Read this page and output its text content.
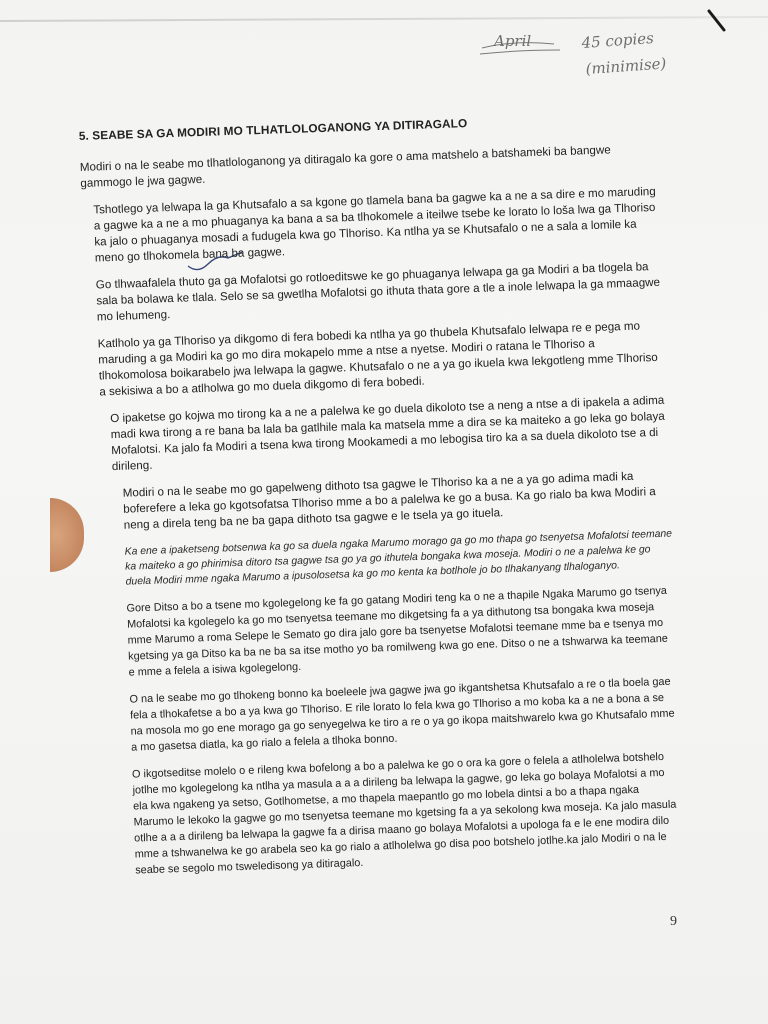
April	45 copies
(minimise)
5. SEABE SA GA MODIRI MO TLHATLOLOGANONG YA DITIRAGALO

Modiri o na le seabe mo tlhatlologanong ya ditiragalo ka gore o ama matshelo a batshameki ba bangwe gammogo le jwa gagwe.

Tshotlego ya lelwapa la ga Khutsafalo a sa kgone go tlamela bana ba gagwe ka a ne a sa dire e mo maruding a gagwe ka a ne a mo phuaganya ka bana a sa ba tlhokomele a iteilwe tsebe ke lorato lo loša lwa ga Tlhoriso ka jalo o phuaganya mosadi a fudugela kwa go Tlhoriso. Ka ntlha ya se Khutsafalo o ne a sala a lomile ka meno go tlhokomela bana ba gagwe.

Go tlhwaafalela thuto ga ga Mofalotsi go rotloeditswe ke go phuaganya lelwapa ga ga Modiri a ba tlogela ba sala ba bolawa ke tlala. Selo se sa gwetlha Mofalotsi go ithuta thata gore a tle a inole lelwapa la ga mmaagwe mo lehumeng.

Katlholo ya ga Tlhoriso ya dikgomo di fera bobedi ka ntlha ya go thubela Khutsafalo lelwapa re e pega mo maruding a ga Modiri ka go mo dira mokapelo mme a ntse a nyetse. Modiri o ratana le Tlhoriso a tlhokomolosa boikarabelo jwa lelwapa la gagwe. Khutsafalo o ne a ya go ikuela kwa lekgotleng mme Tlhoriso a sekisiwa a bo a atlholwa go mo duela dikgomo di fera bobedi.

O ipaketse go kojwa mo tirong ka a ne a palelwa ke go duela dikoloto tse a neng a ntse a di ipakela a adima madi kwa tirong a re bana ba lala ba gatlhile mala ka matsela mme a dira se ka maiteko a go leka go bolaya Mofalotsi. Ka jalo fa Modiri a tsena kwa tirong Mookamedi a mo lebogisa tiro ka a sa duela dikoloto tse a di dirileng.

Modiri o na le seabe mo go gapelweng dithoto tsa gagwe le Tlhoriso ka a ne a ya go adima madi ka boferefere a leka go kgotsofatsa Tlhoriso mme a bo a palelwa ke go a busa. Ka go rialo ba kwa Modiri a neng a direla teng ba ne ba gapa dithoto tsa gagwe e le tsela ya go ituela.

Ka ene a ipaketseng botsenwa ka go sa duela ngaka Marumo morago ga go mo thapa go tsenyetsa Mofalotsi teemane ka maiteko a go phirimisa ditoro tsa gagwe tsa go ya go ithutela bongaka kwa moseja. Modiri o ne a palelwa ke go duela Modiri mme ngaka Marumo a ipusolosetsa ka go mo kenta ka botlhole jo bo tlhakanyang tlhaloganyo.

Gore Ditso a bo a tsene mo kgolegelong ke fa go gatang Modiri teng ka o ne a thapile Ngaka Marumo go tsenya Mofalotsi ka kgolegelo ka go mo tsenyetsa teemane mo dikgetsing fa a ya dithutong tsa bongaka kwa moseja mme Marumo a roma Selepe le Semato go dira jalo gore ba tsenyetse Mofalotsi teemane mme ba e tsenya mo kgetsing ya ga Ditso ka ba ne ba sa itse motho yo ba romilweng kwa go ene. Ditso o ne a tshwarwa ka teemane e mme a felela a isiwa kgolegelong.

O na le seabe mo go tlhokeng bonno ka boeleele jwa gagwe jwa go ikgantshetsa Khutsafalo a re o tla boela gae fela a tlhokafetse a bo a ya kwa go Tlhoriso. E rile lorato lo fela kwa go Tlhoriso a mo koba ka a ne a bona a se na mosola mo go ene morago ga go senyegelwa ke tiro a re o ya go ikopa maitshwarelo kwa go Khutsafalo mme a mo gasetsa diatla, ka go rialo a felela a tlhoka bonno.

O ikgotseditse molelo o e rileng kwa bofelong a bo a palelwa ke go o ora ka gore o felela a atlholelwa botshelo jotlhe mo kgolegelong ka ntlha ya masula a a a dirileng ba lelwapa la gagwe, go leka go bolaya Mofalotsi a mo ela kwa ngakeng ya setso, Gotlhometse, a mo thapela maepantlo go mo lobela dintsi a bo a thapa ngaka Marumo le lekoko la gagwe go mo tsenyetsa teemane mo kgetsing fa a ya sekolong kwa moseja. Ka jalo masula otlhe a a a dirileng ba lelwapa la gagwe fa a dirisa maano go bolaya Mofalotsi a upologa fa e le ene modira dilo mme a tshwanelwa ke go arabela seo ka go rialo a atlholelwa go disa poo botshelo jotlhe.ka jalo Modiri o na le seabe se segolo mo tsweledisong ya ditiragalo.

9
